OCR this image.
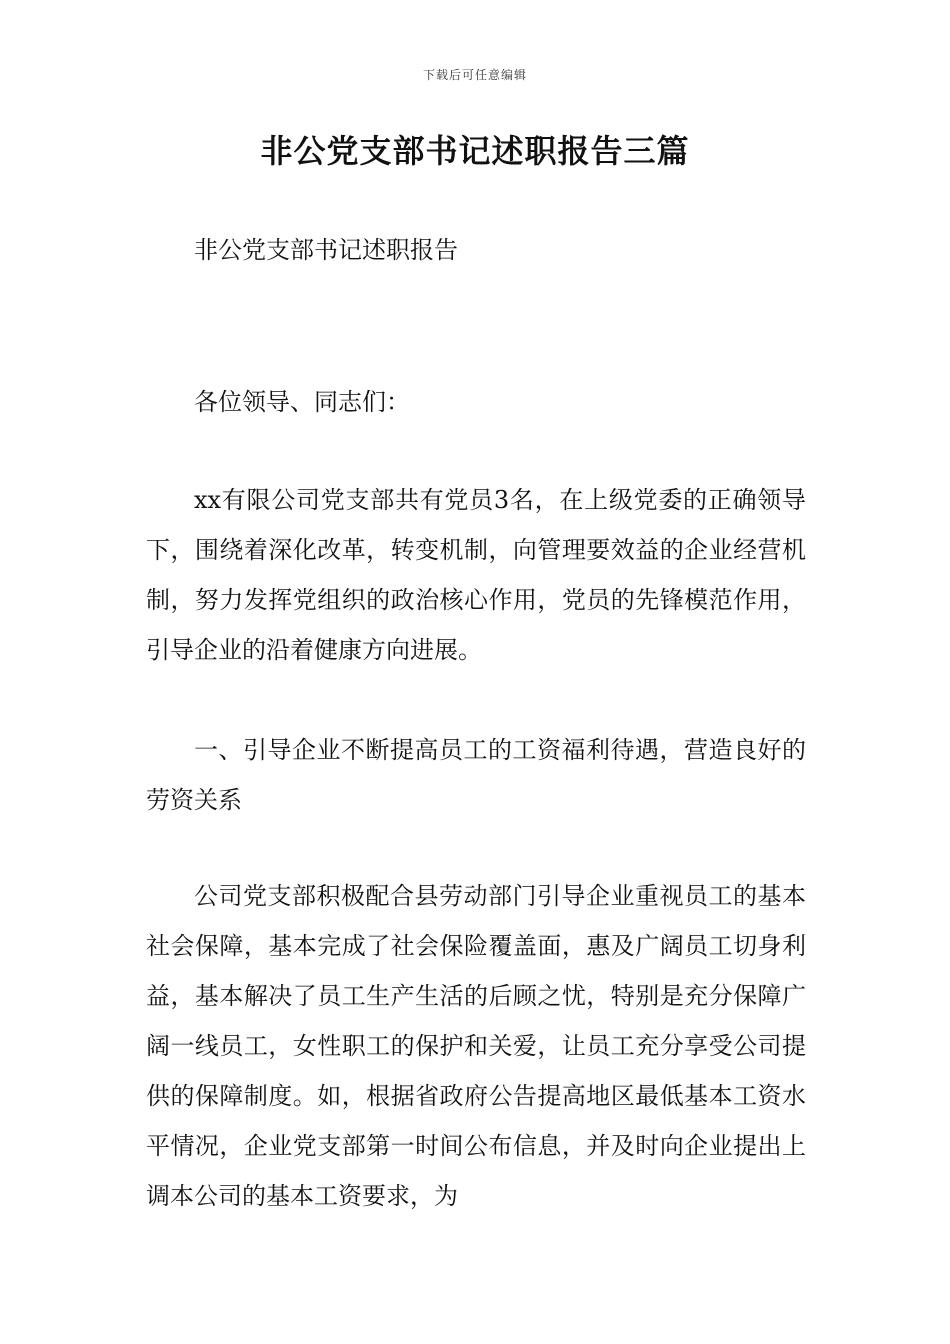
下载后可任意编辑
非公党支部书记述职报告三篇

非公党支部书记述职报告

各位领导、同志们：

xx有限公司党支部共有党员3名，在上级党委的正确领导下，围绕着深化改革，转变机制，向管理要效益的企业经营机制，努力发挥党组织的政治核心作用，党员的先锋模范作用，引导企业的沿着健康方向进展。

一、引导企业不断提高员工的工资福利待遇，营造良好的劳资关系

公司党支部积极配合县劳动部门引导企业重视员工的基本社会保障，基本完成了社会保险覆盖面，惠及广阔员工切身利益，基本解决了员工生产生活的后顾之忧，特别是充分保障广阔一线员工，女性职工的保护和关爱，让员工充分享受公司提供的保障制度。如，根据省政府公告提高地区最低基本工资水平情况，企业党支部第一时间公布信息，并及时向企业提出上调本公司的基本工资要求，为
